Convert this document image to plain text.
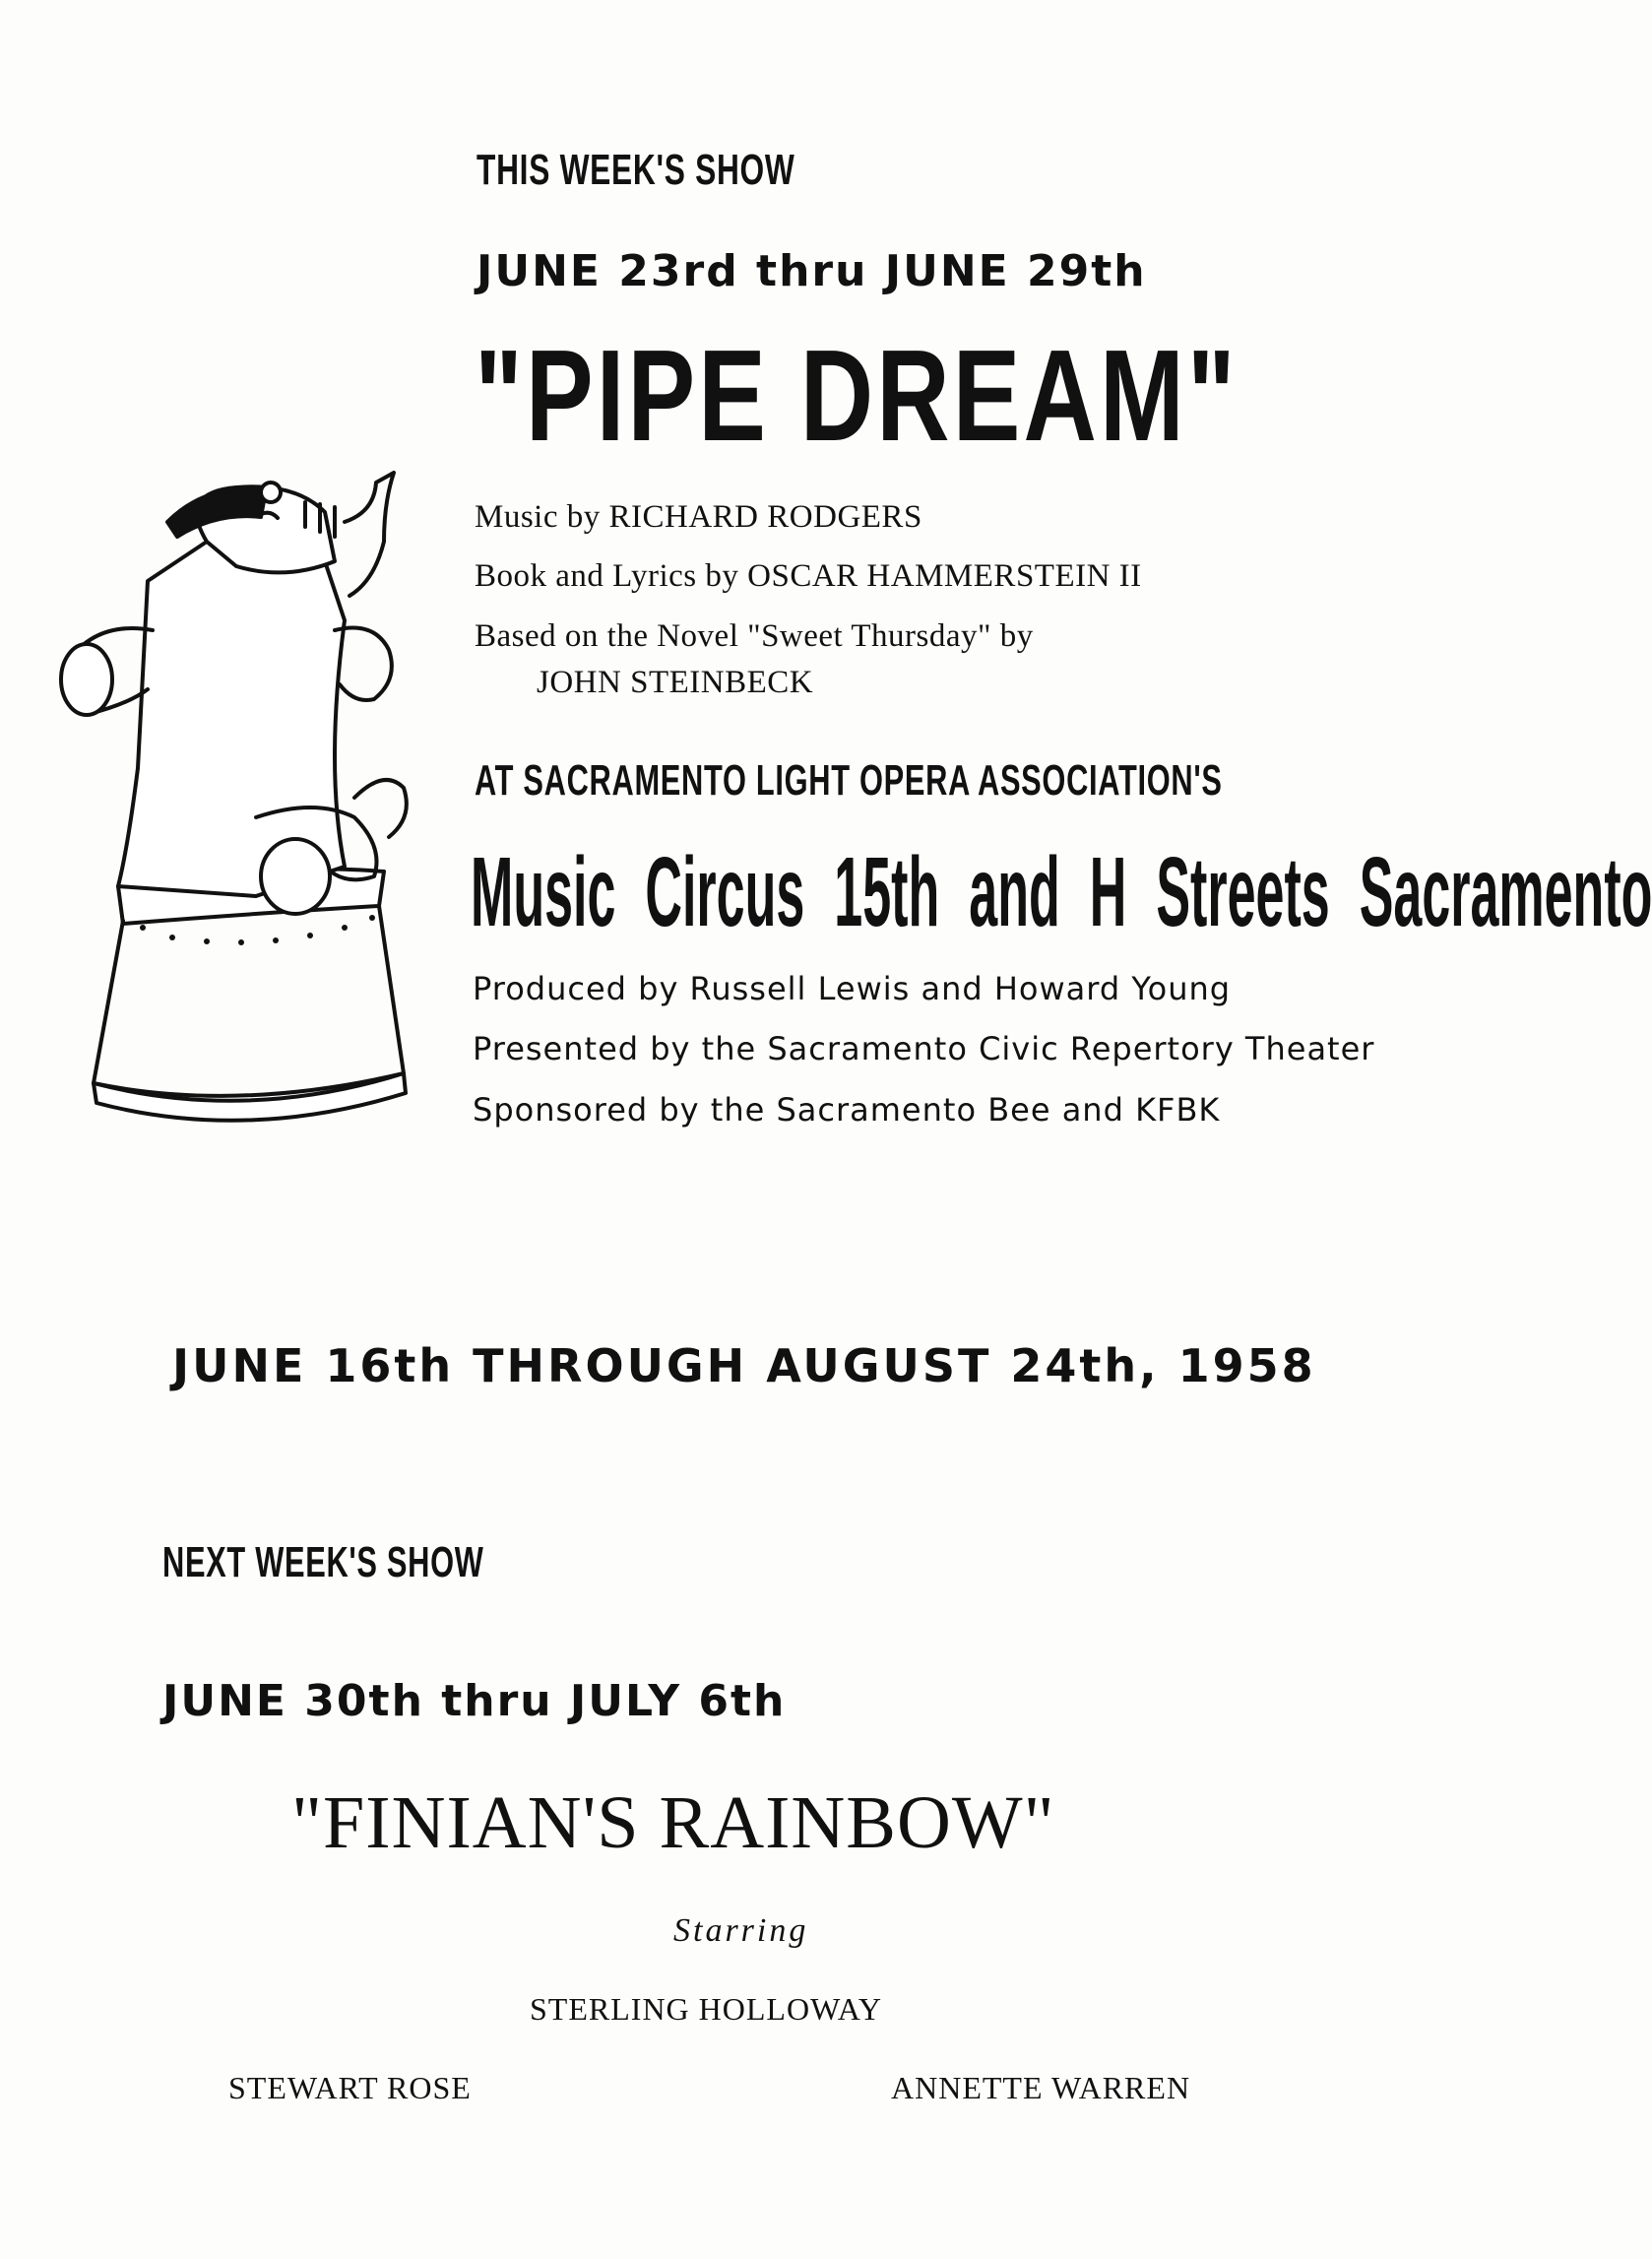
THIS WEEK'S SHOW
JUNE 23rd thru JUNE 29th
"PIPE DREAM"
Music by RICHARD RODGERS
Book and Lyrics by OSCAR HAMMERSTEIN II
Based on the Novel "Sweet Thursday" by
JOHN STEINBECK
AT SACRAMENTO LIGHT OPERA ASSOCIATION'S
Music Circus 15th and H Streets Sacramento
Produced by Russell Lewis and Howard Young
Presented by the Sacramento Civic Repertory Theater
Sponsored by the Sacramento Bee and KFBK
JUNE 16th THROUGH AUGUST 24th, 1958
NEXT WEEK'S SHOW
JUNE 30th thru JULY 6th
"FINIAN'S RAINBOW"
Starring
STERLING HOLLOWAY
STEWART ROSE	ANNETTE WARREN
